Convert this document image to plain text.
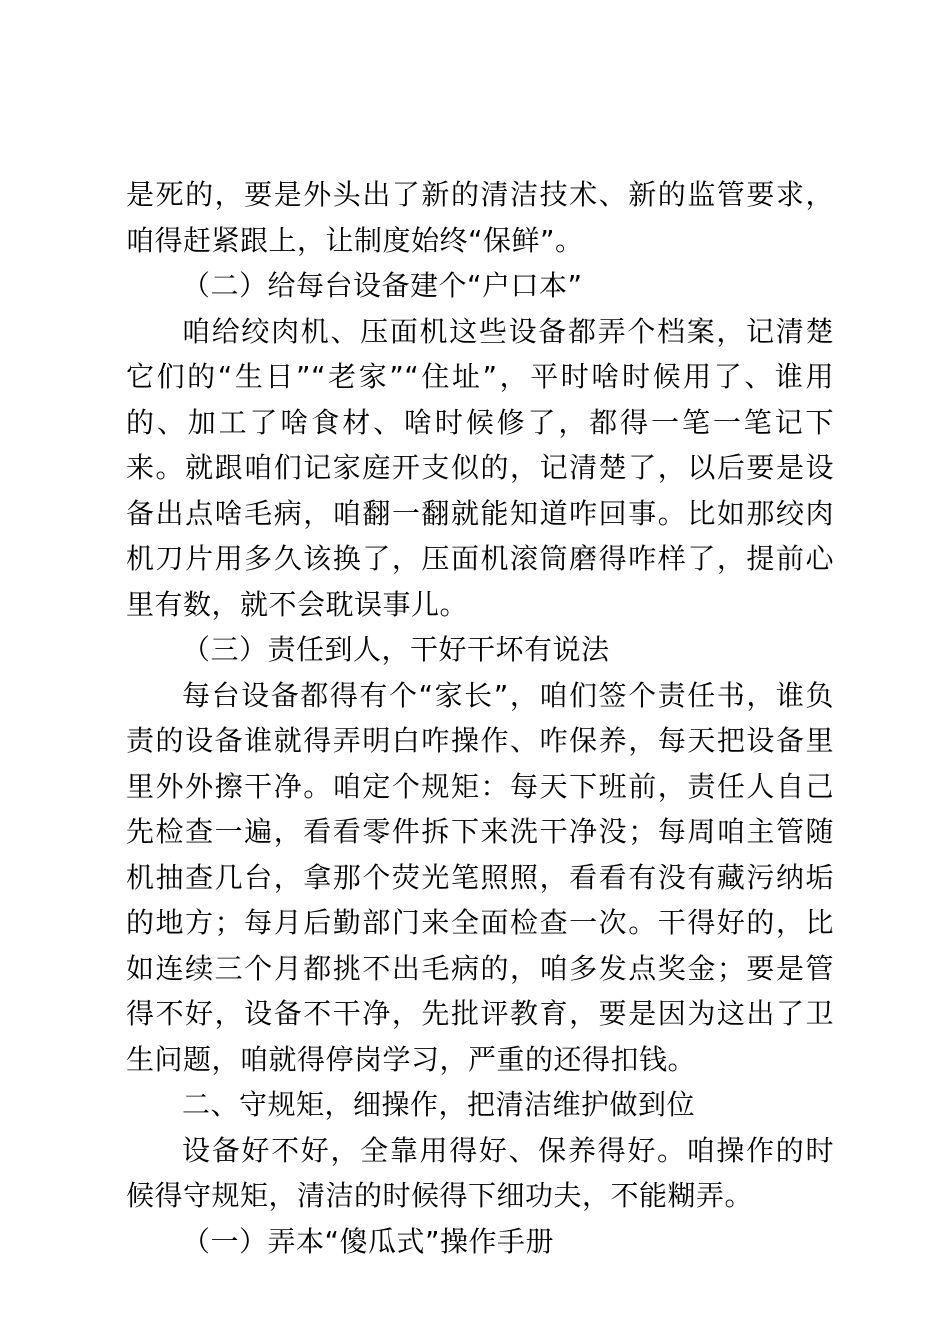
是死的，要是外头出了新的清洁技术、新的监管要求，咱得赶紧跟上，让制度始终“保鲜”。

（二）给每台设备建个“户口本”

咱给绞肉机、压面机这些设备都弄个档案，记清楚它们的“生日”“老家”“住址”，平时啥时候用了、谁用的、加工了啥食材、啥时候修了，都得一笔一笔记下来。就跟咱们记家庭开支似的，记清楚了，以后要是设备出点啥毛病，咱翻一翻就能知道咋回事。比如那绞肉机刀片用多久该换了，压面机滚筒磨得咋样了，提前心里有数，就不会耽误事儿。

（三）责任到人，干好干坏有说法

每台设备都得有个“家长”，咱们签个责任书，谁负责的设备谁就得弄明白咋操作、咋保养，每天把设备里里外外擦干净。咱定个规矩：每天下班前，责任人自己先检查一遍，看看零件拆下来洗干净没；每周咱主管随机抽查几台，拿那个荧光笔照照，看看有没有藏污纳垢的地方；每月后勤部门来全面检查一次。干得好的，比如连续三个月都挑不出毛病的，咱多发点奖金；要是管得不好，设备不干净，先批评教育，要是因为这出了卫生问题，咱就得停岗学习，严重的还得扣钱。

二、守规矩，细操作，把清洁维护做到位

设备好不好，全靠用得好、保养得好。咱操作的时候得守规矩，清洁的时候得下细功夫，不能糊弄。

（一）弄本“傻瓜式”操作手册
